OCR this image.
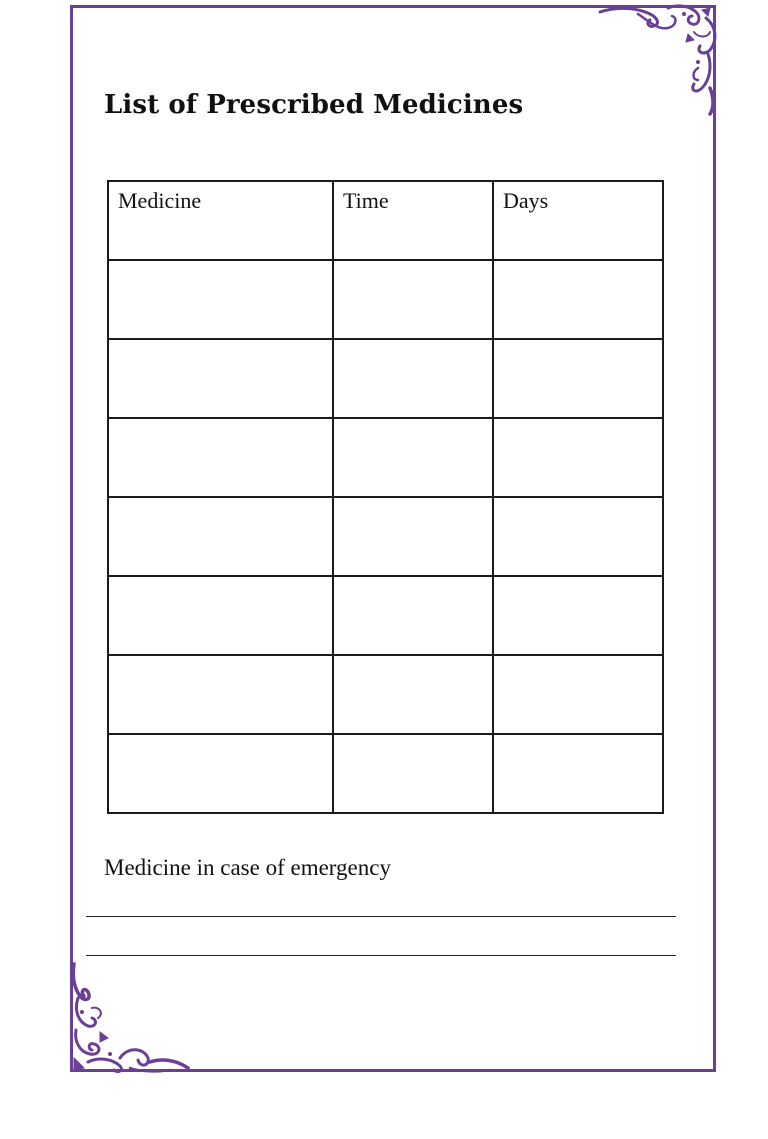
List of Prescribed Medicines
Medicine	Time	Days

Medicine in case of emergency
